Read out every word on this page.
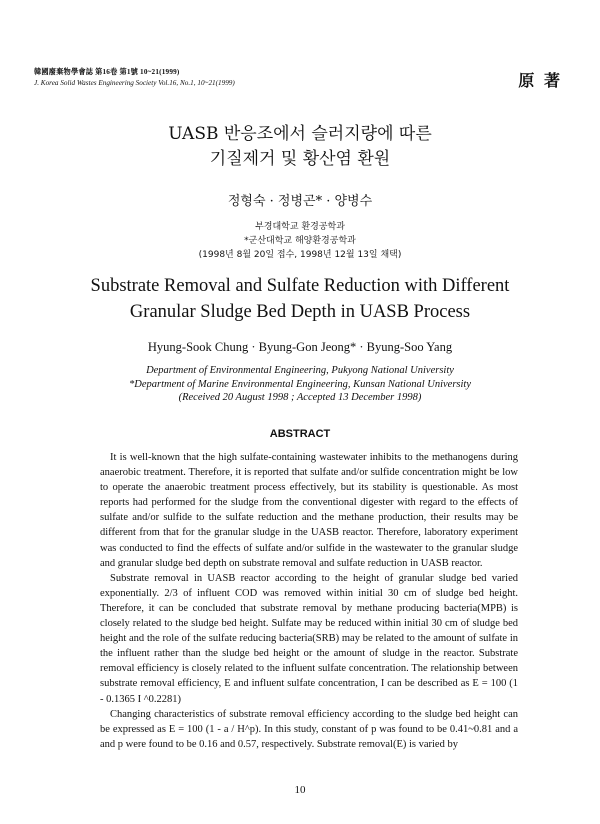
韓國廢棄物學會誌 第16卷 第1號 10~21(1999)
J. Korea Solid Wastes Engineering Society Vol.16, No.1, 10~21(1999)	原 著
UASB 반응조에서 슬러지량에 따른
기질제거 및 황산염 환원
정형숙 · 정병곤* · 양병수
부경대학교 환경공학과
*군산대학교 해양환경공학과
(1998년 8월 20일 접수, 1998년 12월 13일 채택)
Substrate Removal and Sulfate Reduction with Different
Granular Sludge Bed Depth in UASB Process
Hyung-Sook Chung · Byung-Gon Jeong* · Byung-Soo Yang
Department of Environmental Engineering, Pukyong National University
*Department of Marine Environmental Engineering, Kunsan National University
(Received 20 August 1998 ; Accepted 13 December 1998)
ABSTRACT

It is well-known that the high sulfate-containing wastewater inhibits to the methanogens during anaerobic treatment. Therefore, it is reported that sulfate and/or sulfide concentration might be low to operate the anaerobic treatment process effectively, but its stability is questionable. As most reports had performed for the sludge from the conventional digester with regard to the effects of sulfate and/or sulfide to the sulfate reduction and the methane production, their results may be different from that for the granular sludge in the UASB reactor. Therefore, laboratory experiment was conducted to find the effects of sulfate and/or sulfide in the wastewater to the granular sludge and granular sludge bed depth on substrate removal and sulfate reduction in UASB reactor.

Substrate removal in UASB reactor according to the height of granular sludge bed varied exponentially. 2/3 of influent COD was removed within initial 30 cm of sludge bed height. Therefore, it can be concluded that substrate removal by methane producing bacteria(MPB) is closely related to the sludge bed height. Sulfate may be reduced within initial 30 cm of sludge bed height and the role of the sulfate reducing bacteria(SRB) may be related to the amount of sulfate in the influent rather than the sludge bed height or the amount of sludge in the reactor. Substrate removal efficiency is closely related to the influent sulfate concentration. The relationship between substrate removal efficiency, E and influent sulfate concentration, I can be described as E = 100 (1 - 0.1365 I ^0.2281)

Changing characteristics of substrate removal efficiency according to the sludge bed height can be expressed as E = 100 (1 - a / H^p). In this study, constant of p was found to be 0.41~0.81 and a and p were found to be 0.16 and 0.57, respectively. Substrate removal(E) is varied by

10
